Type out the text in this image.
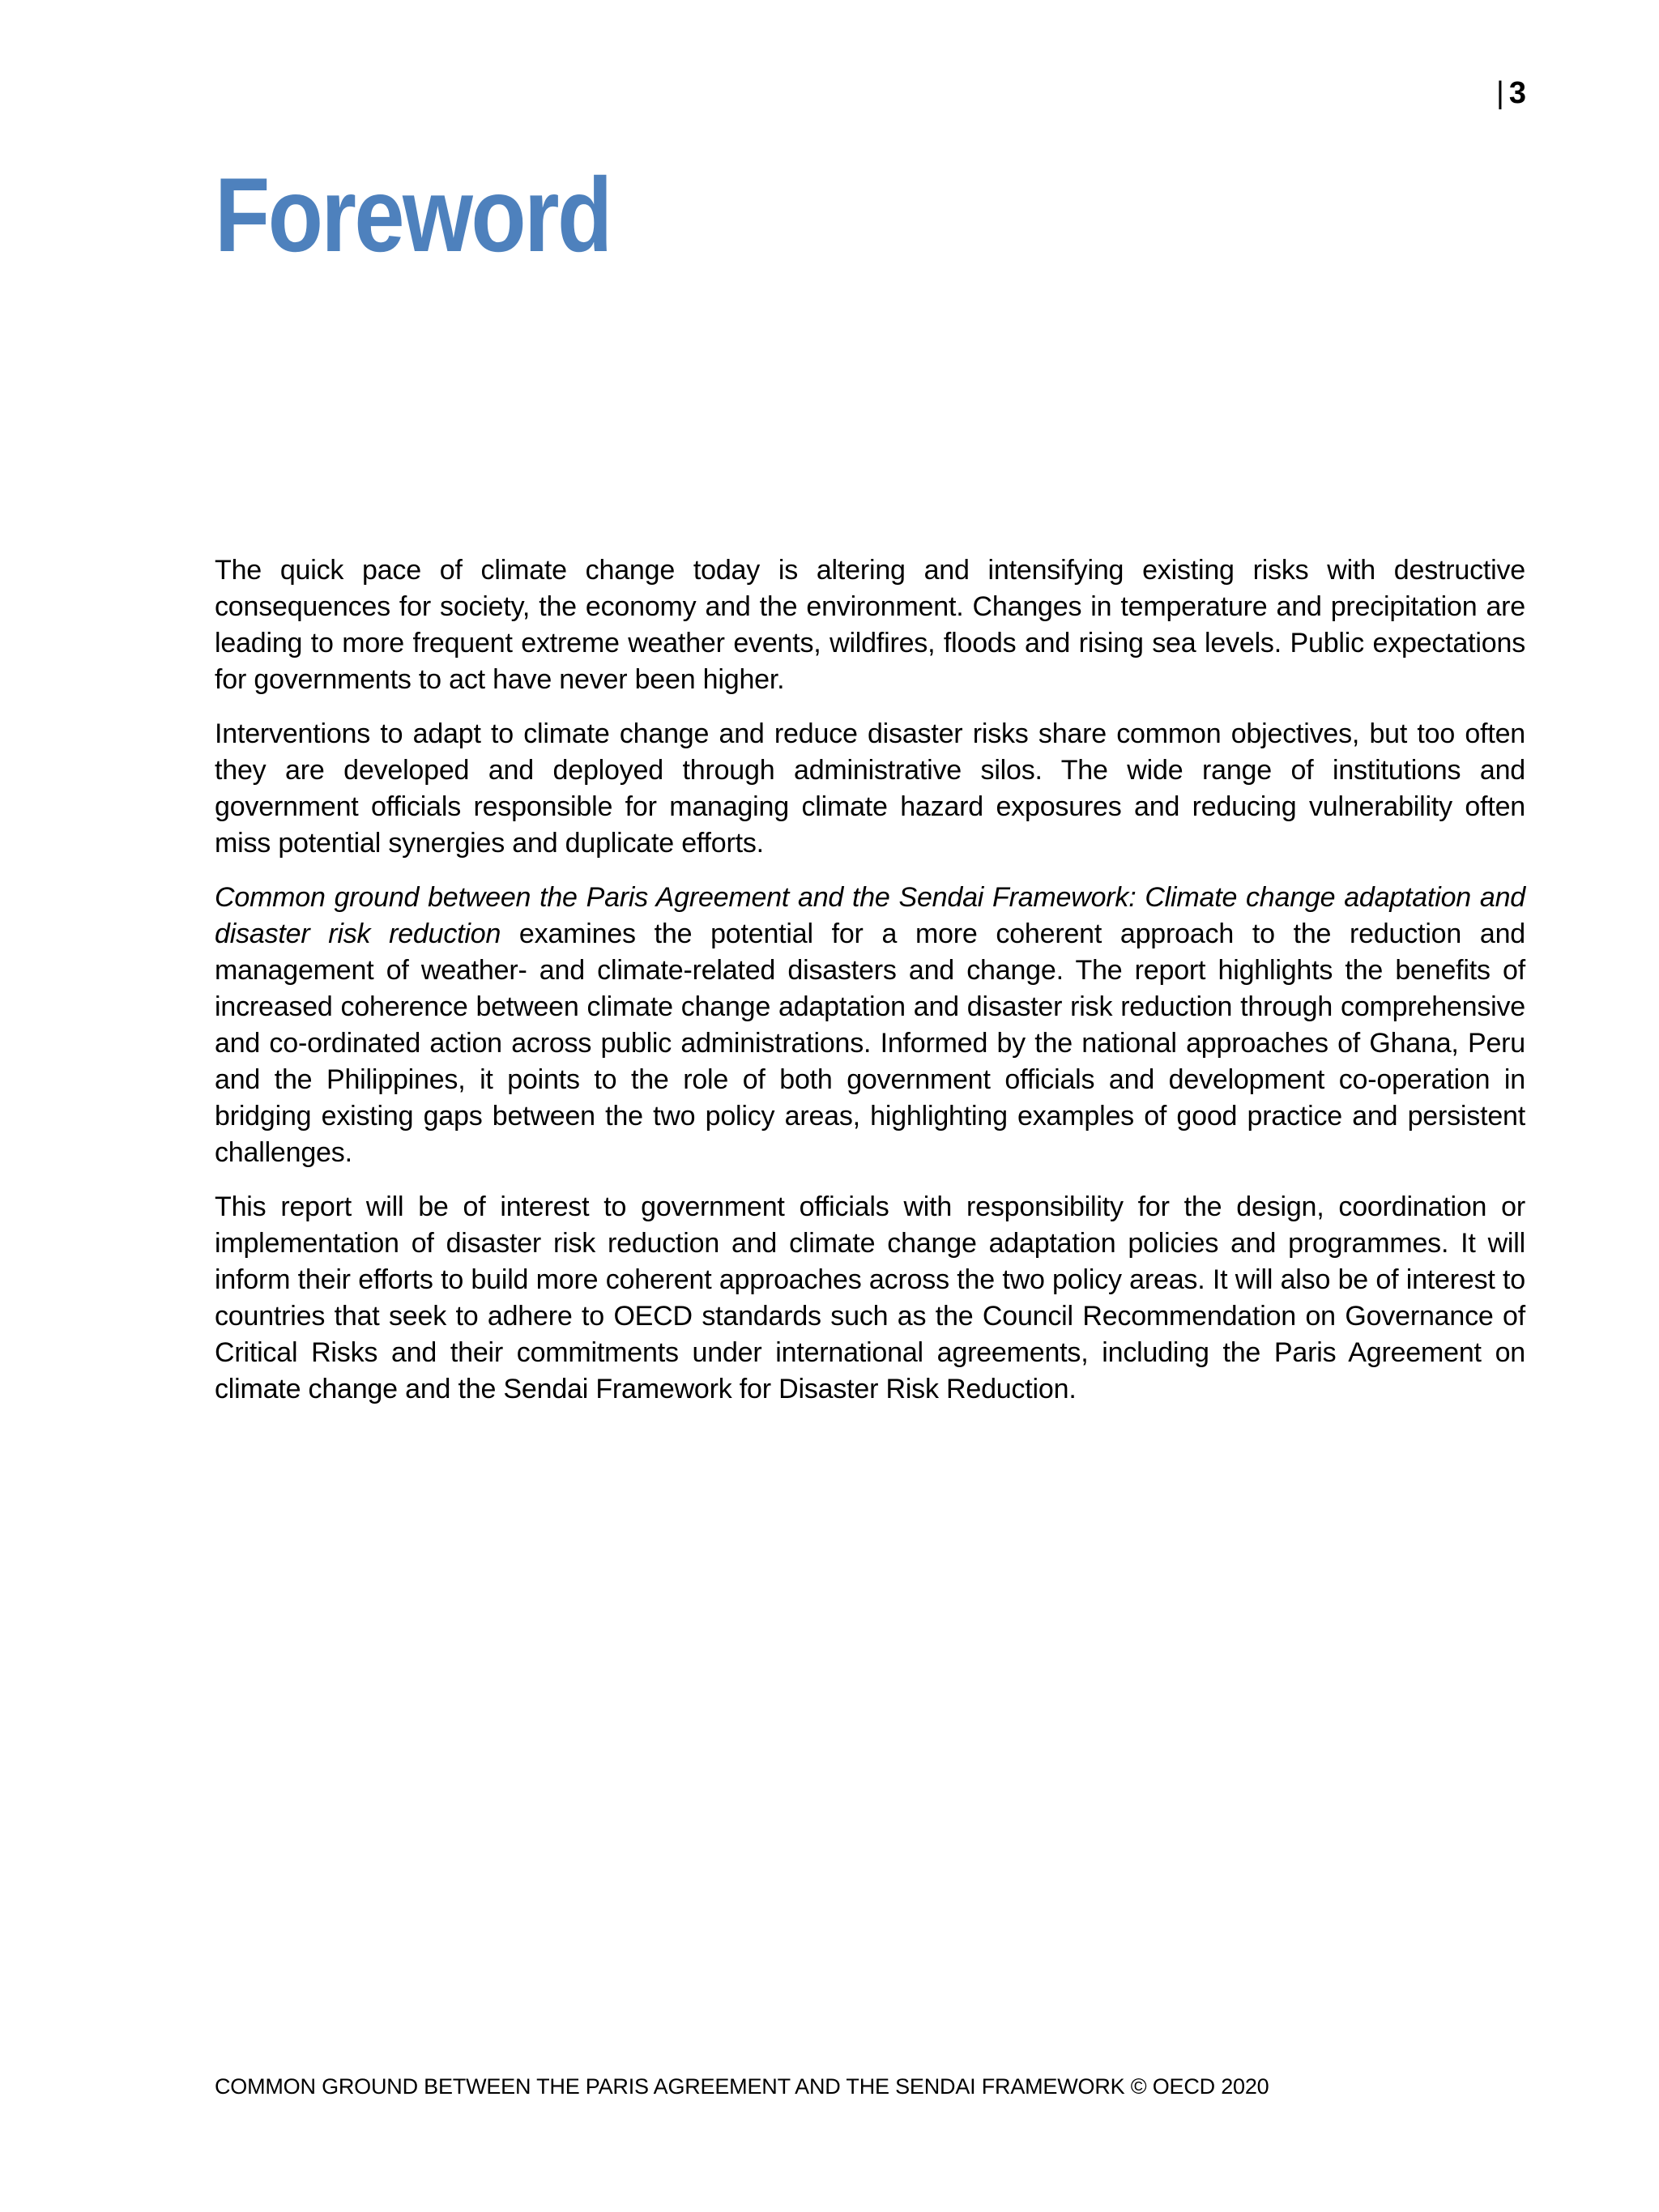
| 3
Foreword

The quick pace of climate change today is altering and intensifying existing risks with destructive consequences for society, the economy and the environment. Changes in temperature and precipitation are leading to more frequent extreme weather events, wildfires, floods and rising sea levels. Public expectations for governments to act have never been higher.

Interventions to adapt to climate change and reduce disaster risks share common objectives, but too often they are developed and deployed through administrative silos. The wide range of institutions and government officials responsible for managing climate hazard exposures and reducing vulnerability often miss potential synergies and duplicate efforts.

Common ground between the Paris Agreement and the Sendai Framework: Climate change adaptation and disaster risk reduction examines the potential for a more coherent approach to the reduction and management of weather- and climate-related disasters and change. The report highlights the benefits of increased coherence between climate change adaptation and disaster risk reduction through comprehensive and co-ordinated action across public administrations. Informed by the national approaches of Ghana, Peru and the Philippines, it points to the role of both government officials and development co-operation in bridging existing gaps between the two policy areas, highlighting examples of good practice and persistent challenges.

This report will be of interest to government officials with responsibility for the design, coordination or implementation of disaster risk reduction and climate change adaptation policies and programmes. It will inform their efforts to build more coherent approaches across the two policy areas. It will also be of interest to countries that seek to adhere to OECD standards such as the Council Recommendation on Governance of Critical Risks and their commitments under international agreements, including the Paris Agreement on climate change and the Sendai Framework for Disaster Risk Reduction.

COMMON GROUND BETWEEN THE PARIS AGREEMENT AND THE SENDAI FRAMEWORK © OECD 2020
